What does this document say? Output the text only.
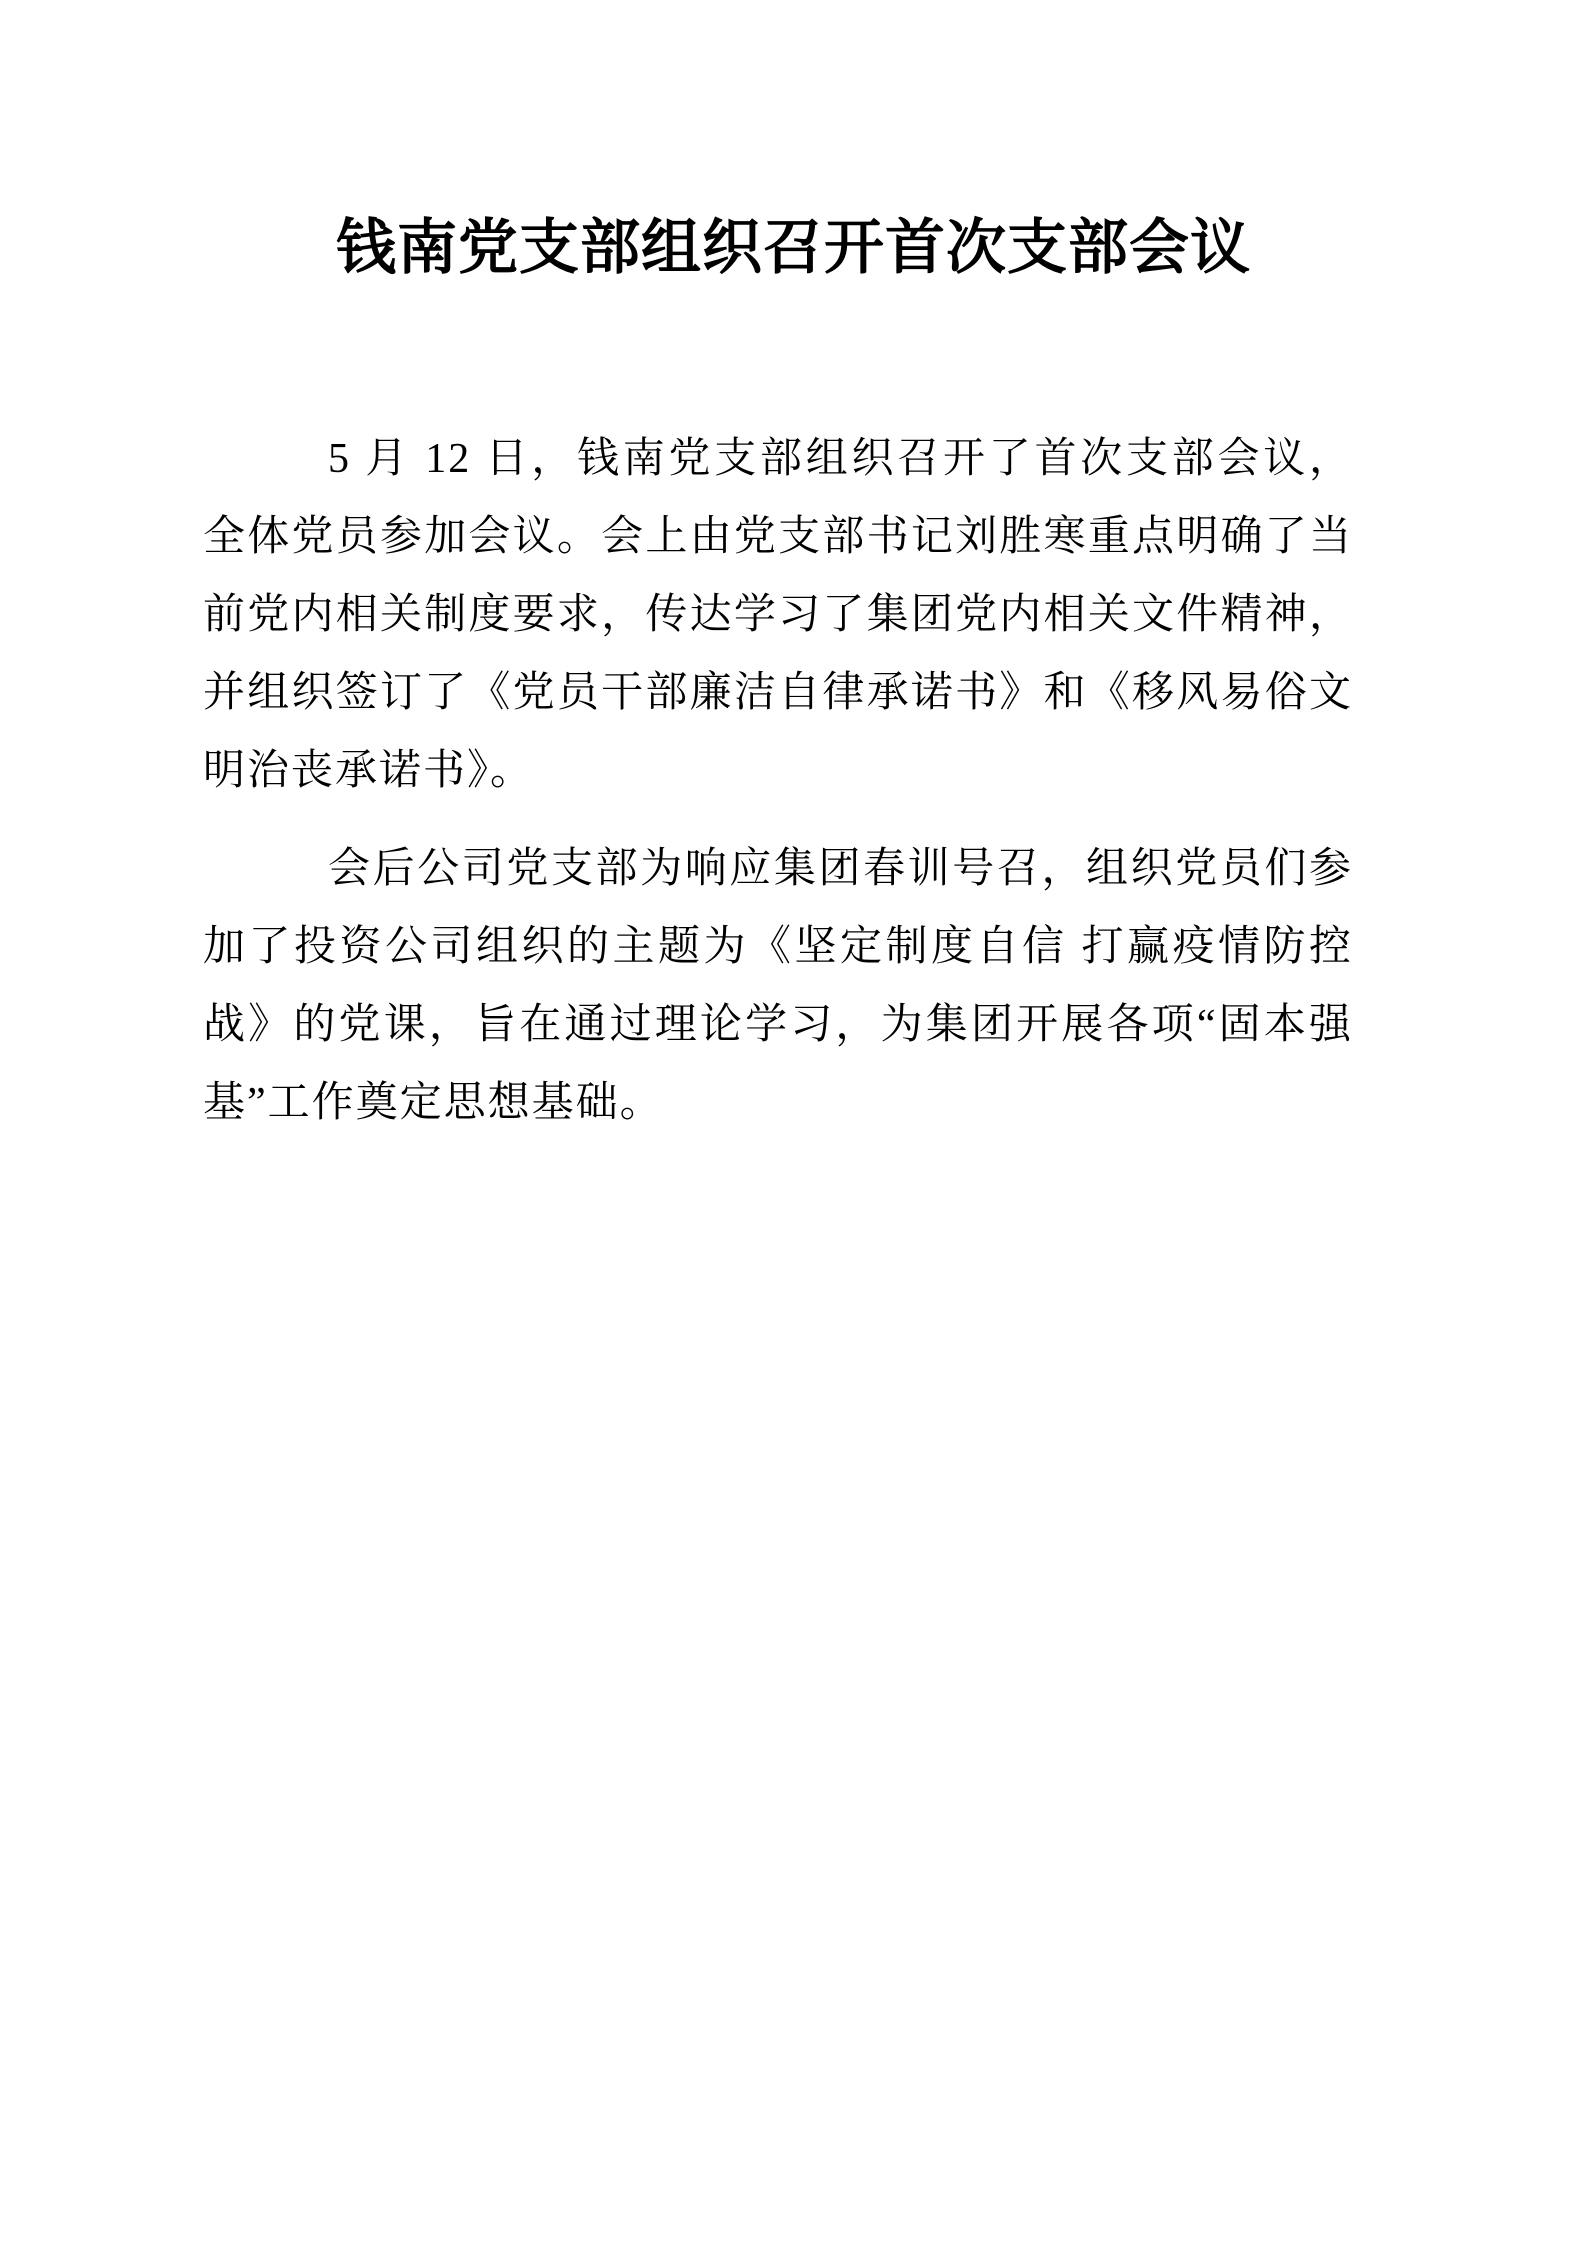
钱南党支部组织召开首次支部会议

5 月 12 日，钱南党支部组织召开了首次支部会议，全体党员参加会议。会上由党支部书记刘胜寒重点明确了当前党内相关制度要求，传达学习了集团党内相关文件精神，并组织签订了《党员干部廉洁自律承诺书》和《移风易俗文明治丧承诺书》。

会后公司党支部为响应集团春训号召，组织党员们参加了投资公司组织的主题为《坚定制度自信 打赢疫情防控战》的党课，旨在通过理论学习，为集团开展各项“固本强基”工作奠定思想基础。
